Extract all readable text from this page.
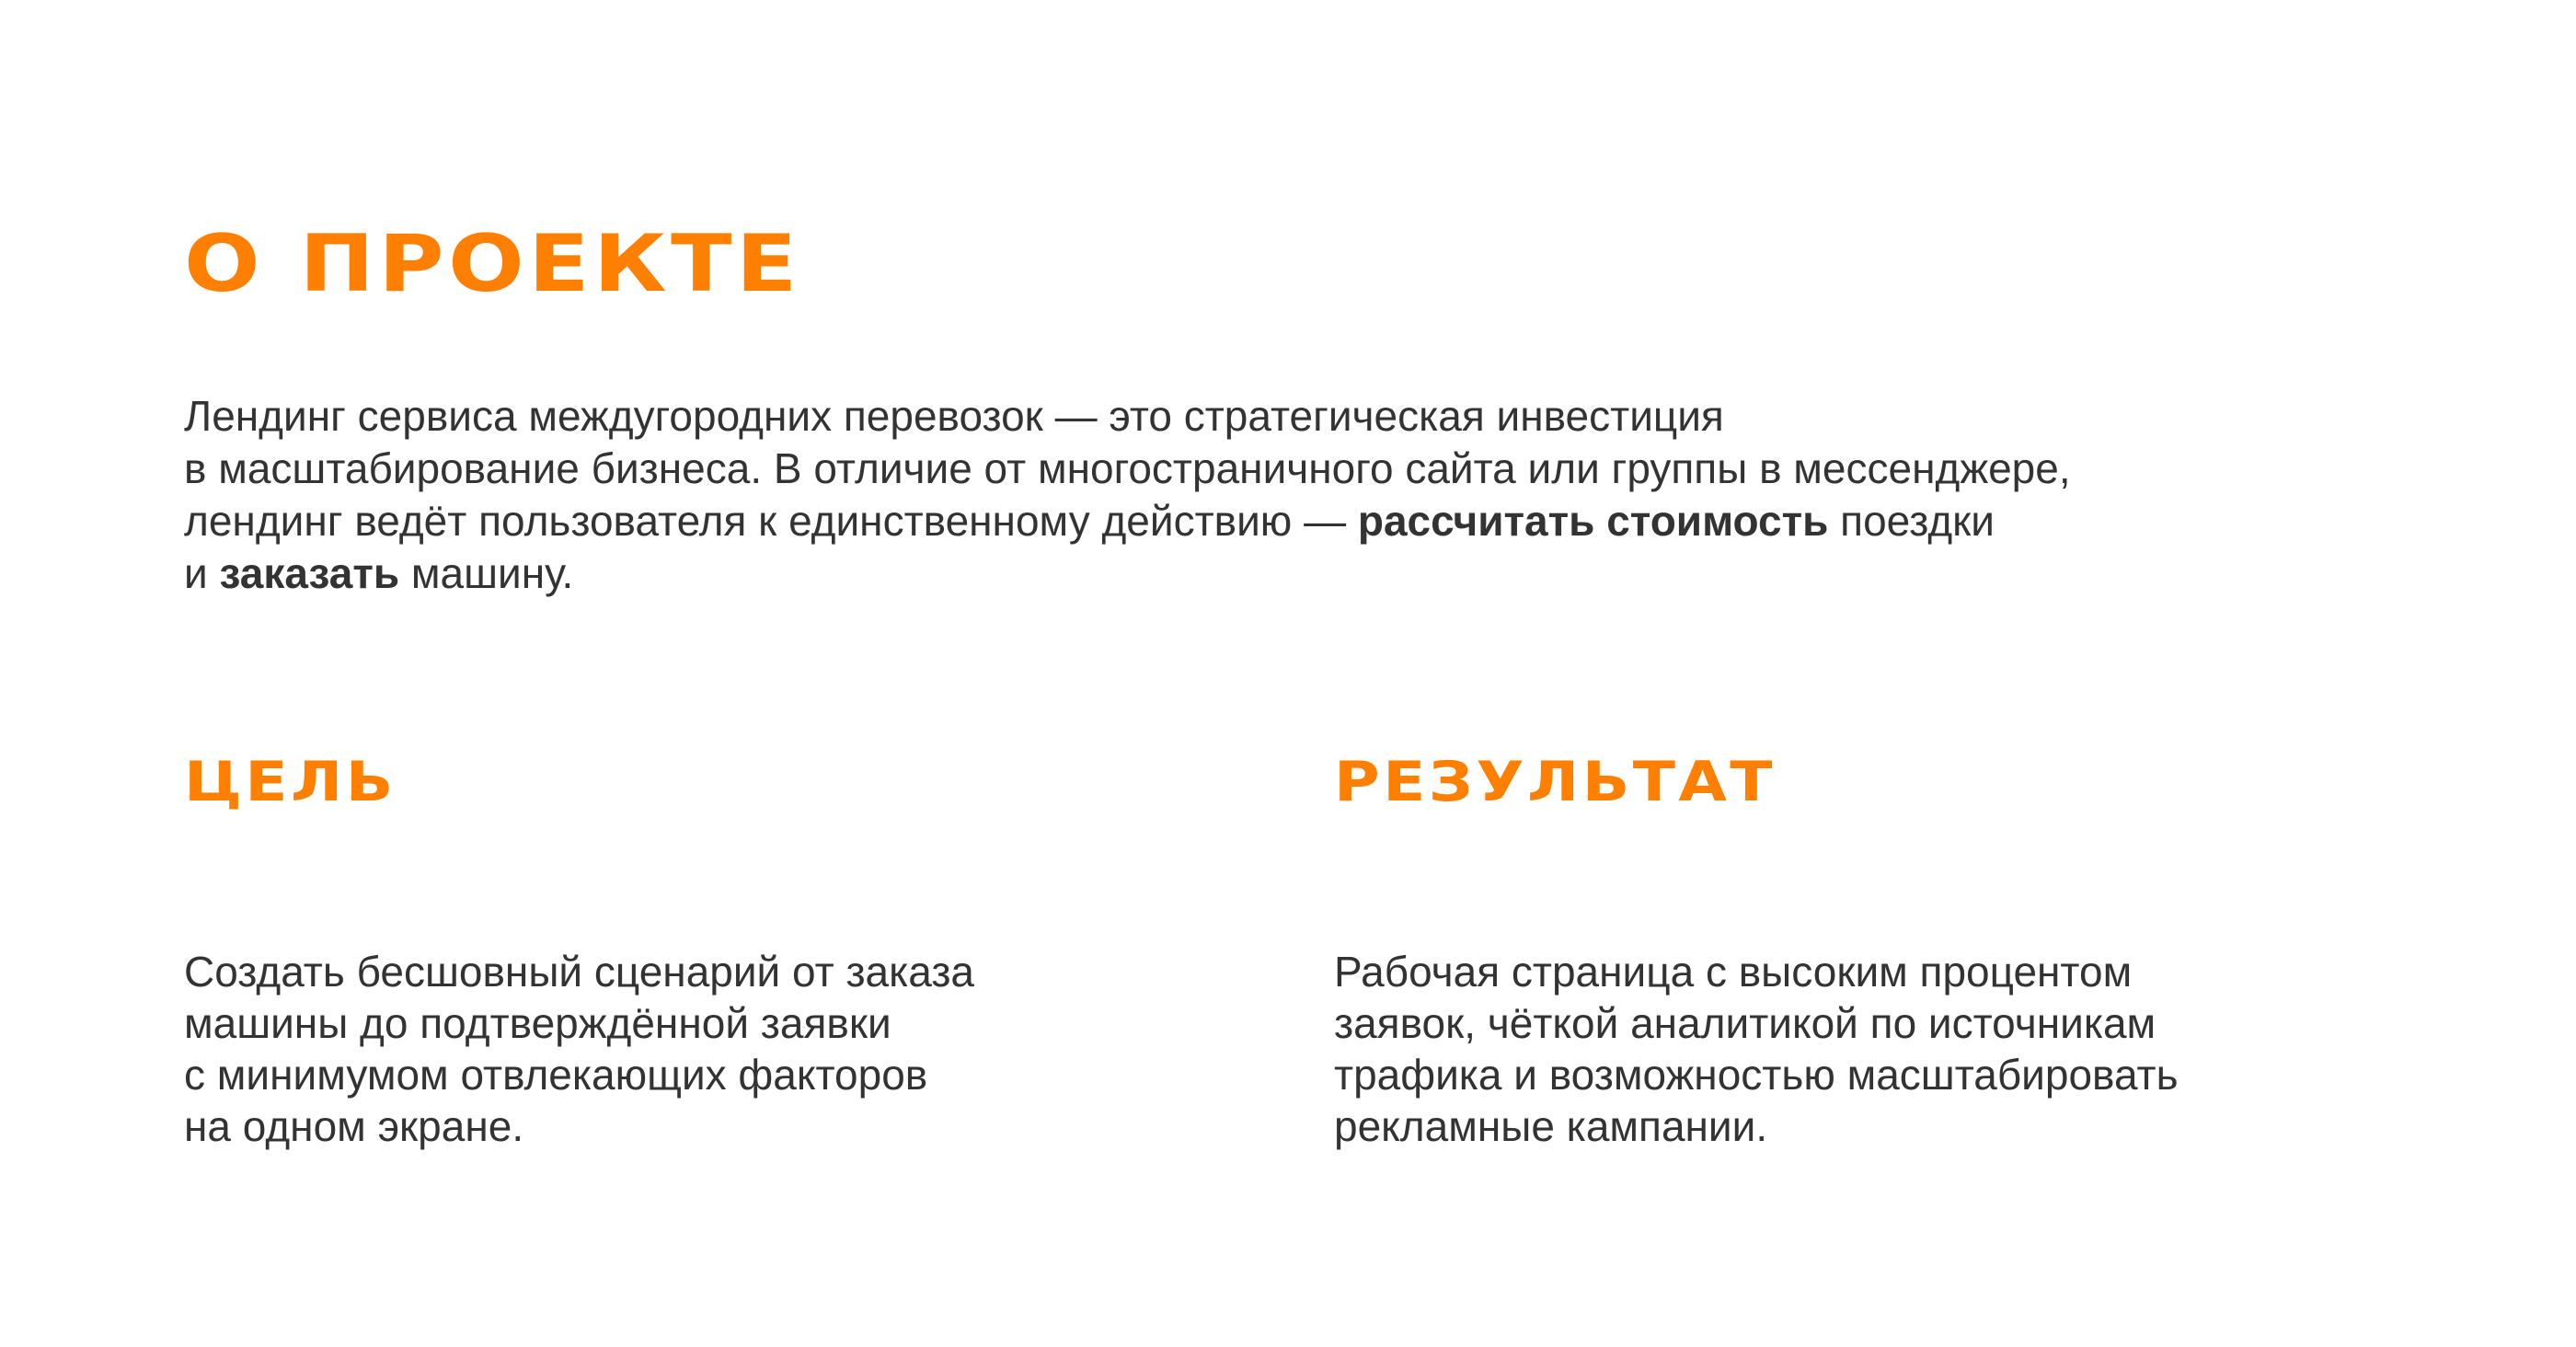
О ПРОЕКТЕ

Лендинг сервиса междугородних перевозок — это стратегическая инвестиция
в масштабирование бизнеса. В отличие от многостраничного сайта или группы в мессенджере,
лендинг ведёт пользователя к единственному действию — рассчитать стоимость поездки
и заказать машину.

ЦЕЛЬ

Создать бесшовный сценарий от заказа
машины до подтверждённой заявки
с минимумом отвлекающих факторов
на одном экране.

РЕЗУЛЬТАТ

Рабочая страница с высоким процентом
заявок, чёткой аналитикой по источникам
трафика и возможностью масштабировать
рекламные кампании.
